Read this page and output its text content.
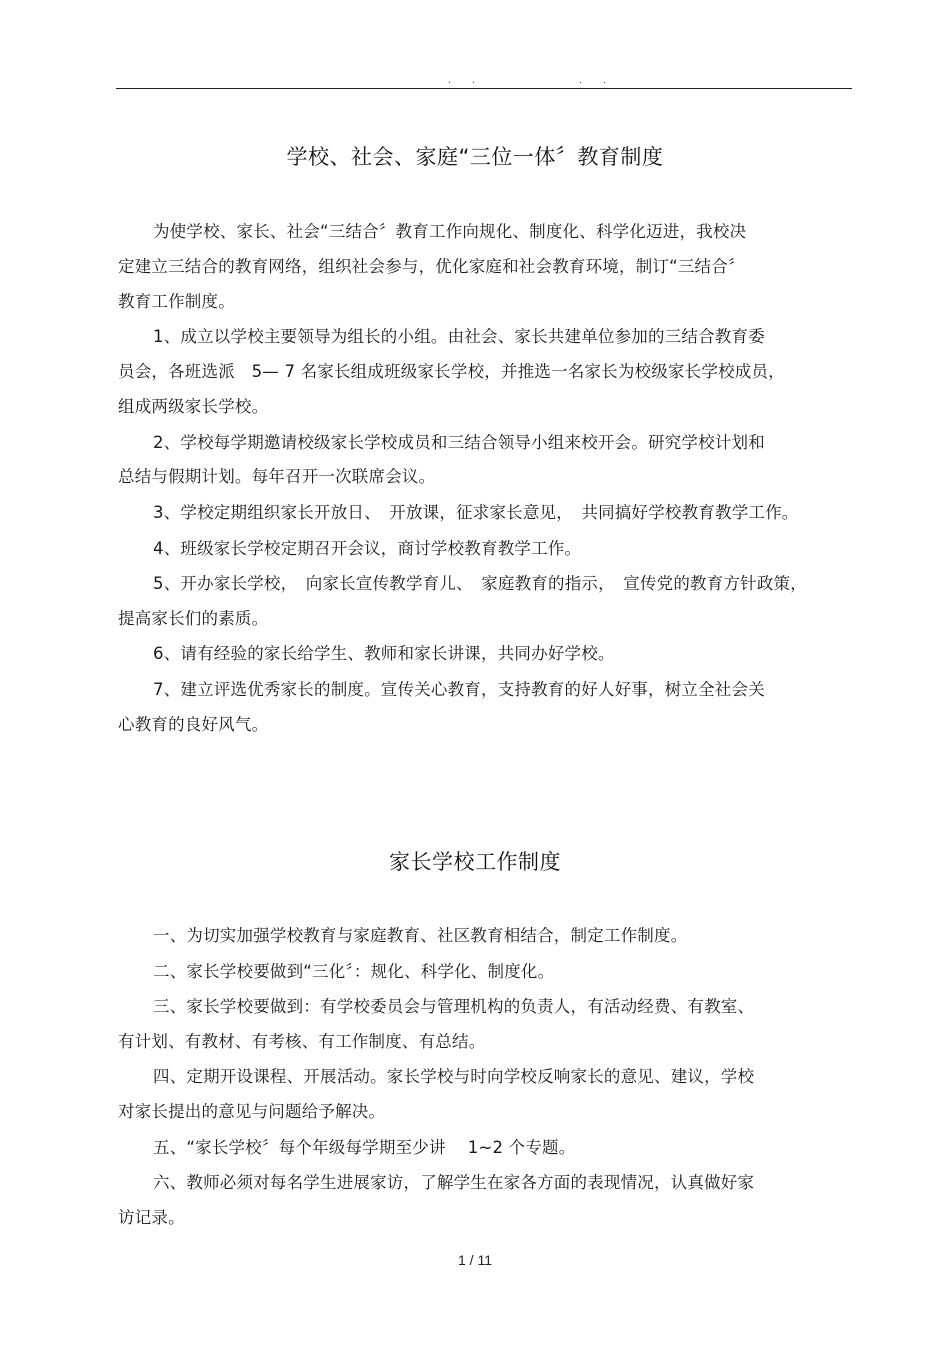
. .	. .
学校、社会、家庭“三位一体〞教育制度
为使学校、家长、社会“三结合〞教育工作向规化、制度化、科学化迈进，我校决
定建立三结合的教育网络，组织社会参与，优化家庭和社会教育环境，制订“三结合〞
教育工作制度。
1、成立以学校主要领导为组长的小组。由社会、家长共建单位参加的三结合教育委
员会，各班选派　5— 7 名家长组成班级家长学校，并推选一名家长为校级家长学校成员，
组成两级家长学校。
2、学校每学期邀请校级家长学校成员和三结合领导小组来校开会。研究学校计划和
总结与假期计划。每年召开一次联席会议。
3、学校定期组织家长开放日、　开放课，征求家长意见，　共同搞好学校教育教学工作。
4、班级家长学校定期召开会议，商讨学校教育教学工作。
5、开办家长学校，　向家长宣传教学育儿、　家庭教育的指示，　宣传党的教育方针政策，
提高家长们的素质。
6、请有经验的家长给学生、教师和家长讲课，共同办好学校。
7、建立评选优秀家长的制度。宣传关心教育，支持教育的好人好事，树立全社会关
心教育的良好风气。
家长学校工作制度
一、为切实加强学校教育与家庭教育、社区教育相结合，制定工作制度。
二、家长学校要做到“三化〞：规化、科学化、制度化。
三、家长学校要做到：有学校委员会与管理机构的负责人，有活动经费、有教室、
有计划、有教材、有考核、有工作制度、有总结。
四、定期开设课程、开展活动。家长学校与时向学校反响家长的意见、建议，学校
对家长提出的意见与问题给予解决。
五、“家长学校〞每个年级每学期至少讲　 1~2 个专题。
六、教师必须对每名学生进展家访，了解学生在家各方面的表现情况，认真做好家
访记录。
1 / 11
